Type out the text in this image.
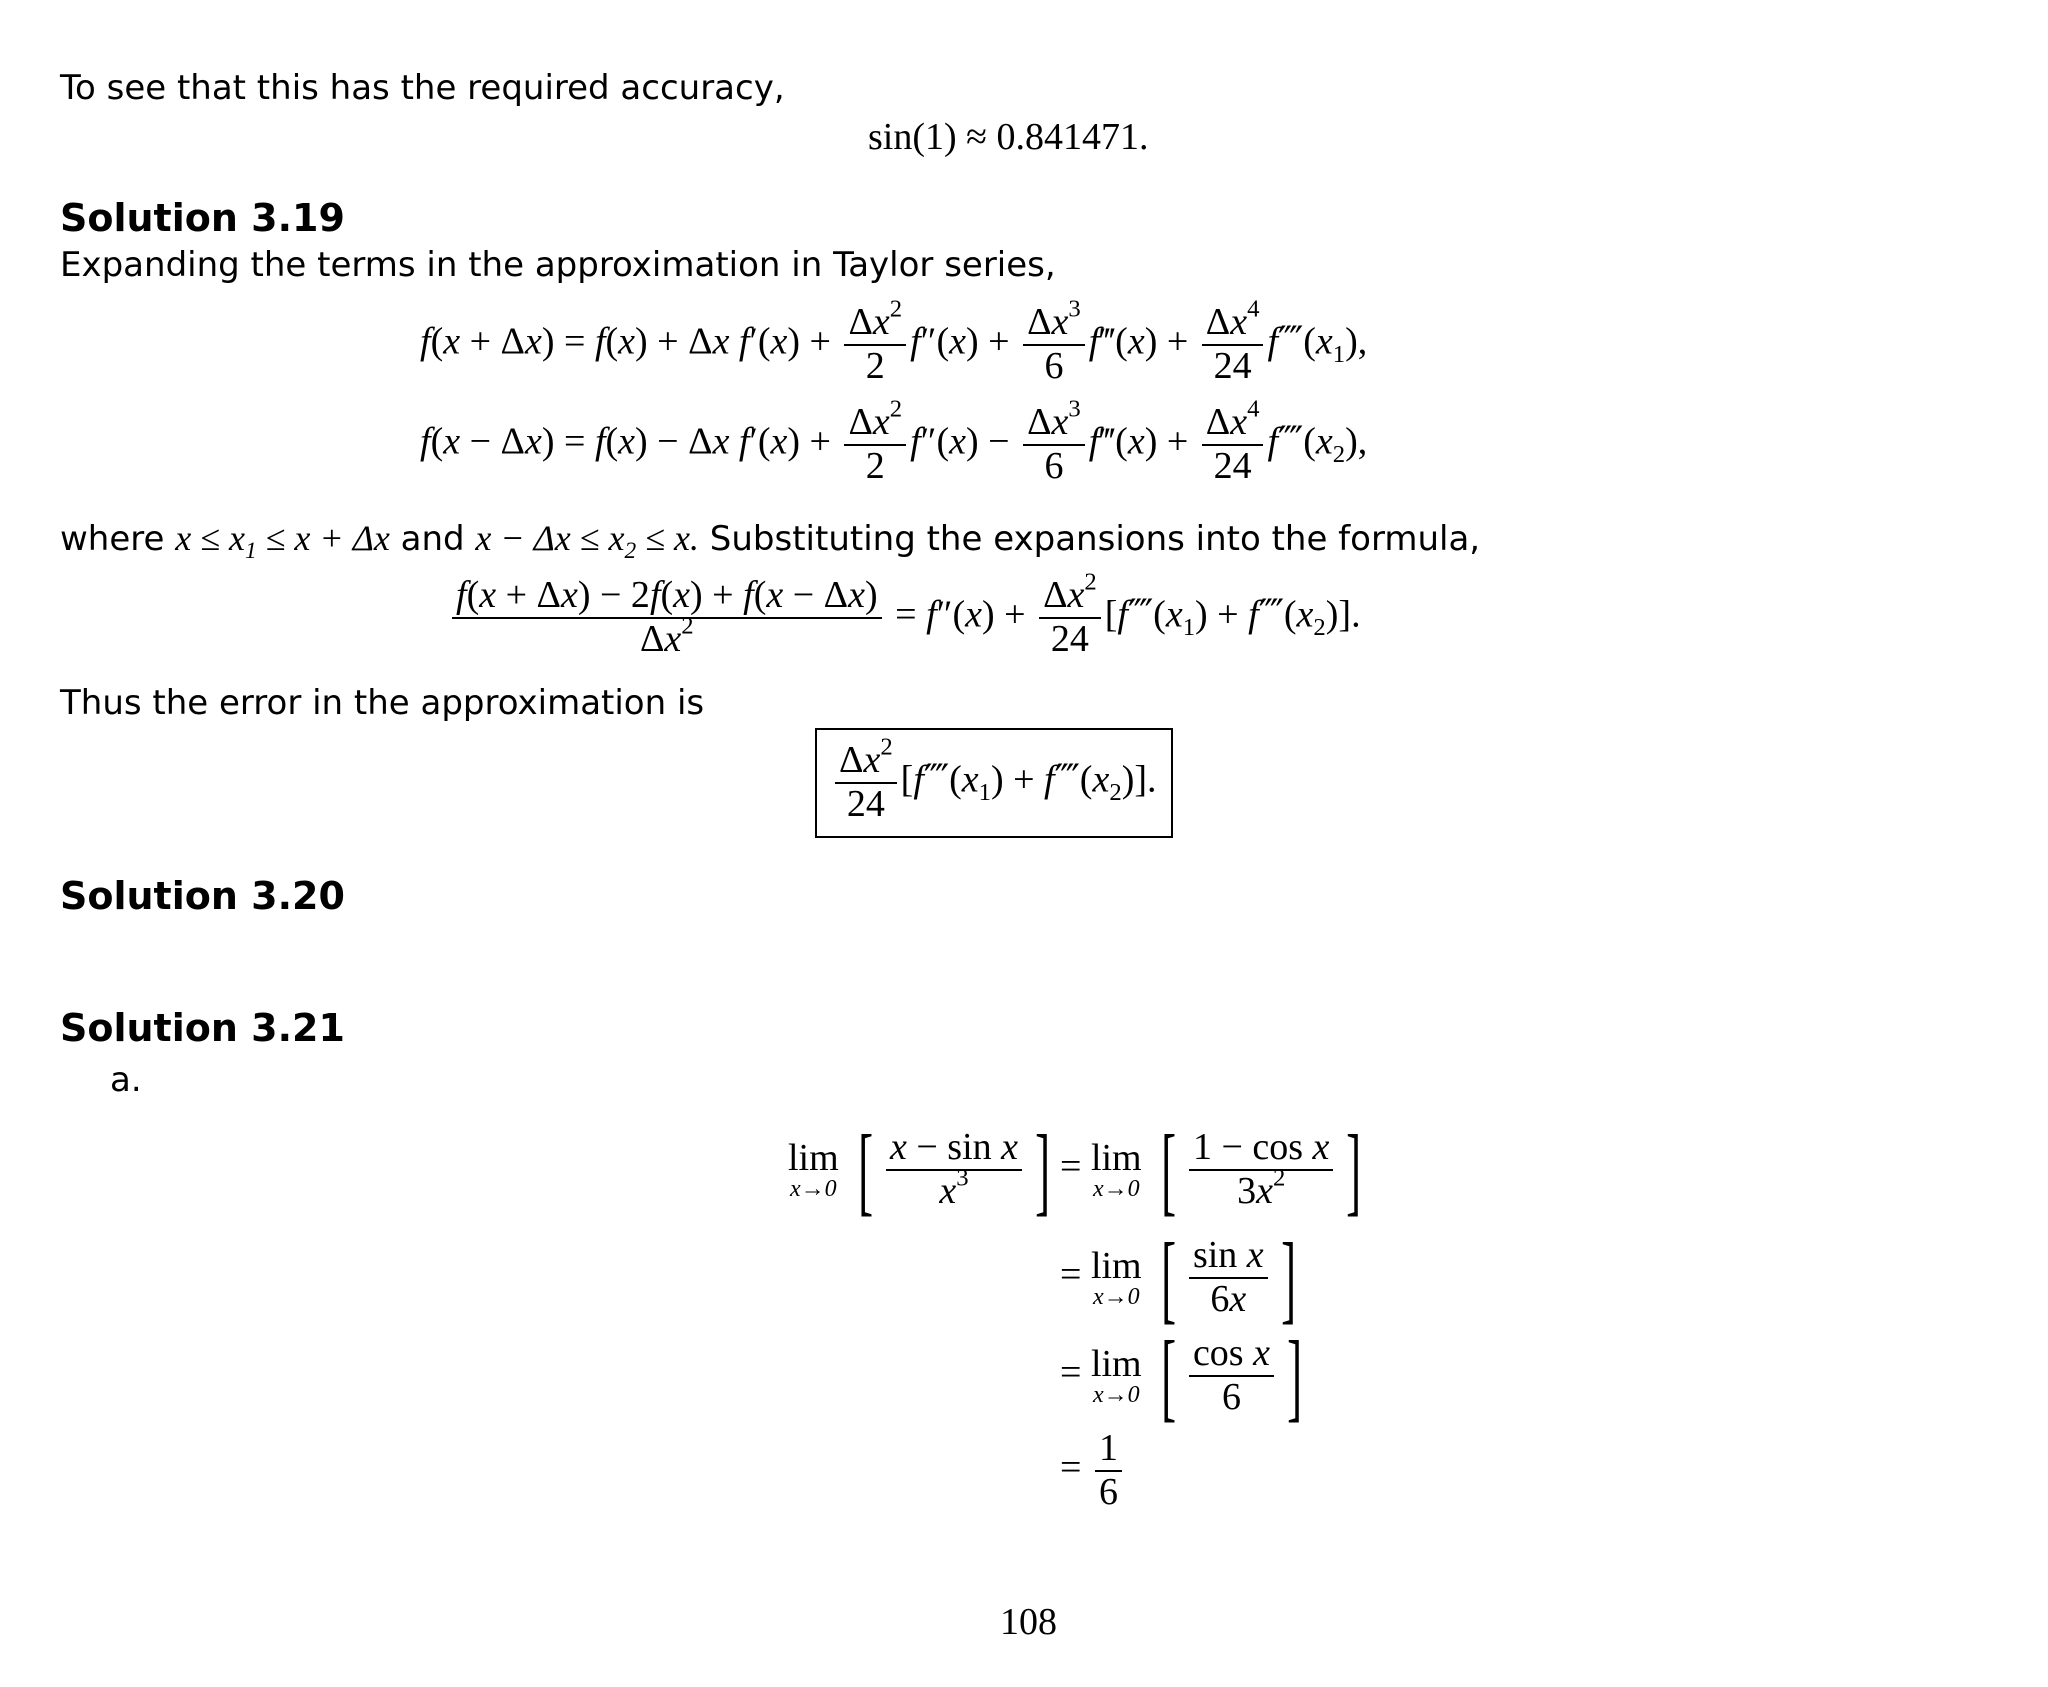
To see that this has the required accuracy,
sin(1) ≈ 0.841471.
Solution 3.19
Expanding the terms in the approximation in Taylor series,
f(x + Δx) = f(x) + Δx $f'(x) + \frac{\Delta x^2}{2} f''(x) + \frac{\Delta x^3}{6}$ f‴(x) + $\frac{\Delta x^4}{24}$ $f⁗(x_1)$,
f(x − Δx) = f(x) − Δx $f'(x) + \frac{\Delta x^2}{2} f''(x) - \frac{\Delta x^3}{6}$ f‴(x) + $\frac{\Delta x^4}{24}$ $f⁗(x_2)$,
where $x \le x_1 \le x + \Delta x$ and $x - \Delta x \le x_2 \le x$. Substituting the expansions into the formula,
$\frac{f(x + \Delta x) - 2f(x) + f(x - \Delta x)}{\Delta x^2} = f''(x) + \frac{\Delta x^2}{24}$ [$f⁗(x_1)$ + $f⁗(x_2)$].
Thus the error in the approximation is
$\frac{\Delta x^2}{24}$ [$f⁗(x_1)$ + $f⁗(x_2)$].
Solution 3.20
Solution 3.21
a.
lim
x→0 [ $\frac{\text{x − sin x}}{x^3}$ ] = lim
x→0 [ $\frac{\text{1 − cos x}}{3x^2}$ ]
= lim
x→0 [ $\frac{\text{sin x}}{6x}$ ]
= lim
x→0 [ $\frac{\text{cos x}}{6}$ ]
= $\frac{1}{6}$
108
